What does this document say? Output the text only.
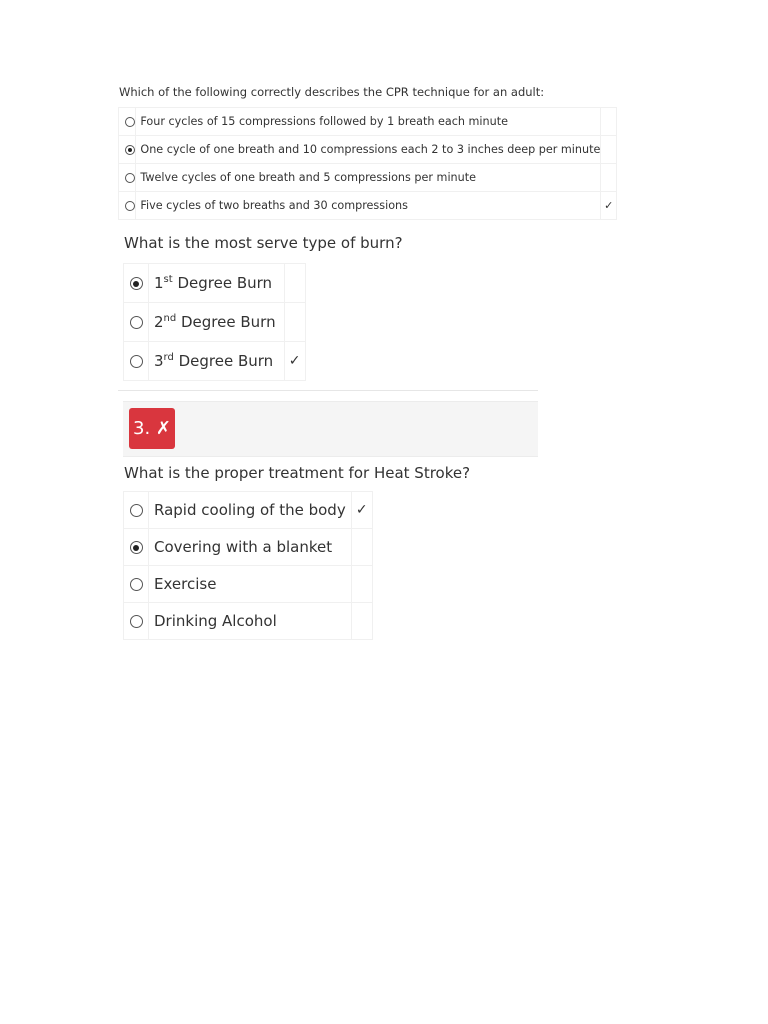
Which of the following correctly describes the CPR technique for an adult:
	Four cycles of 15 compressions followed by 1 breath each minute	
	One cycle of one breath and 10 compressions each 2 to 3 inches deep per minute	
	Twelve cycles of one breath and 5 compressions per minute	
	Five cycles of two breaths and 30 compressions	✓
What is the most serve type of burn?
	1st Degree Burn	
	2nd Degree Burn	
	3rd Degree Burn	✓
3. ✗
What is the proper treatment for Heat Stroke?
	Rapid cooling of the body	✓
	Covering with a blanket	
	Exercise	
	Drinking Alcohol	
